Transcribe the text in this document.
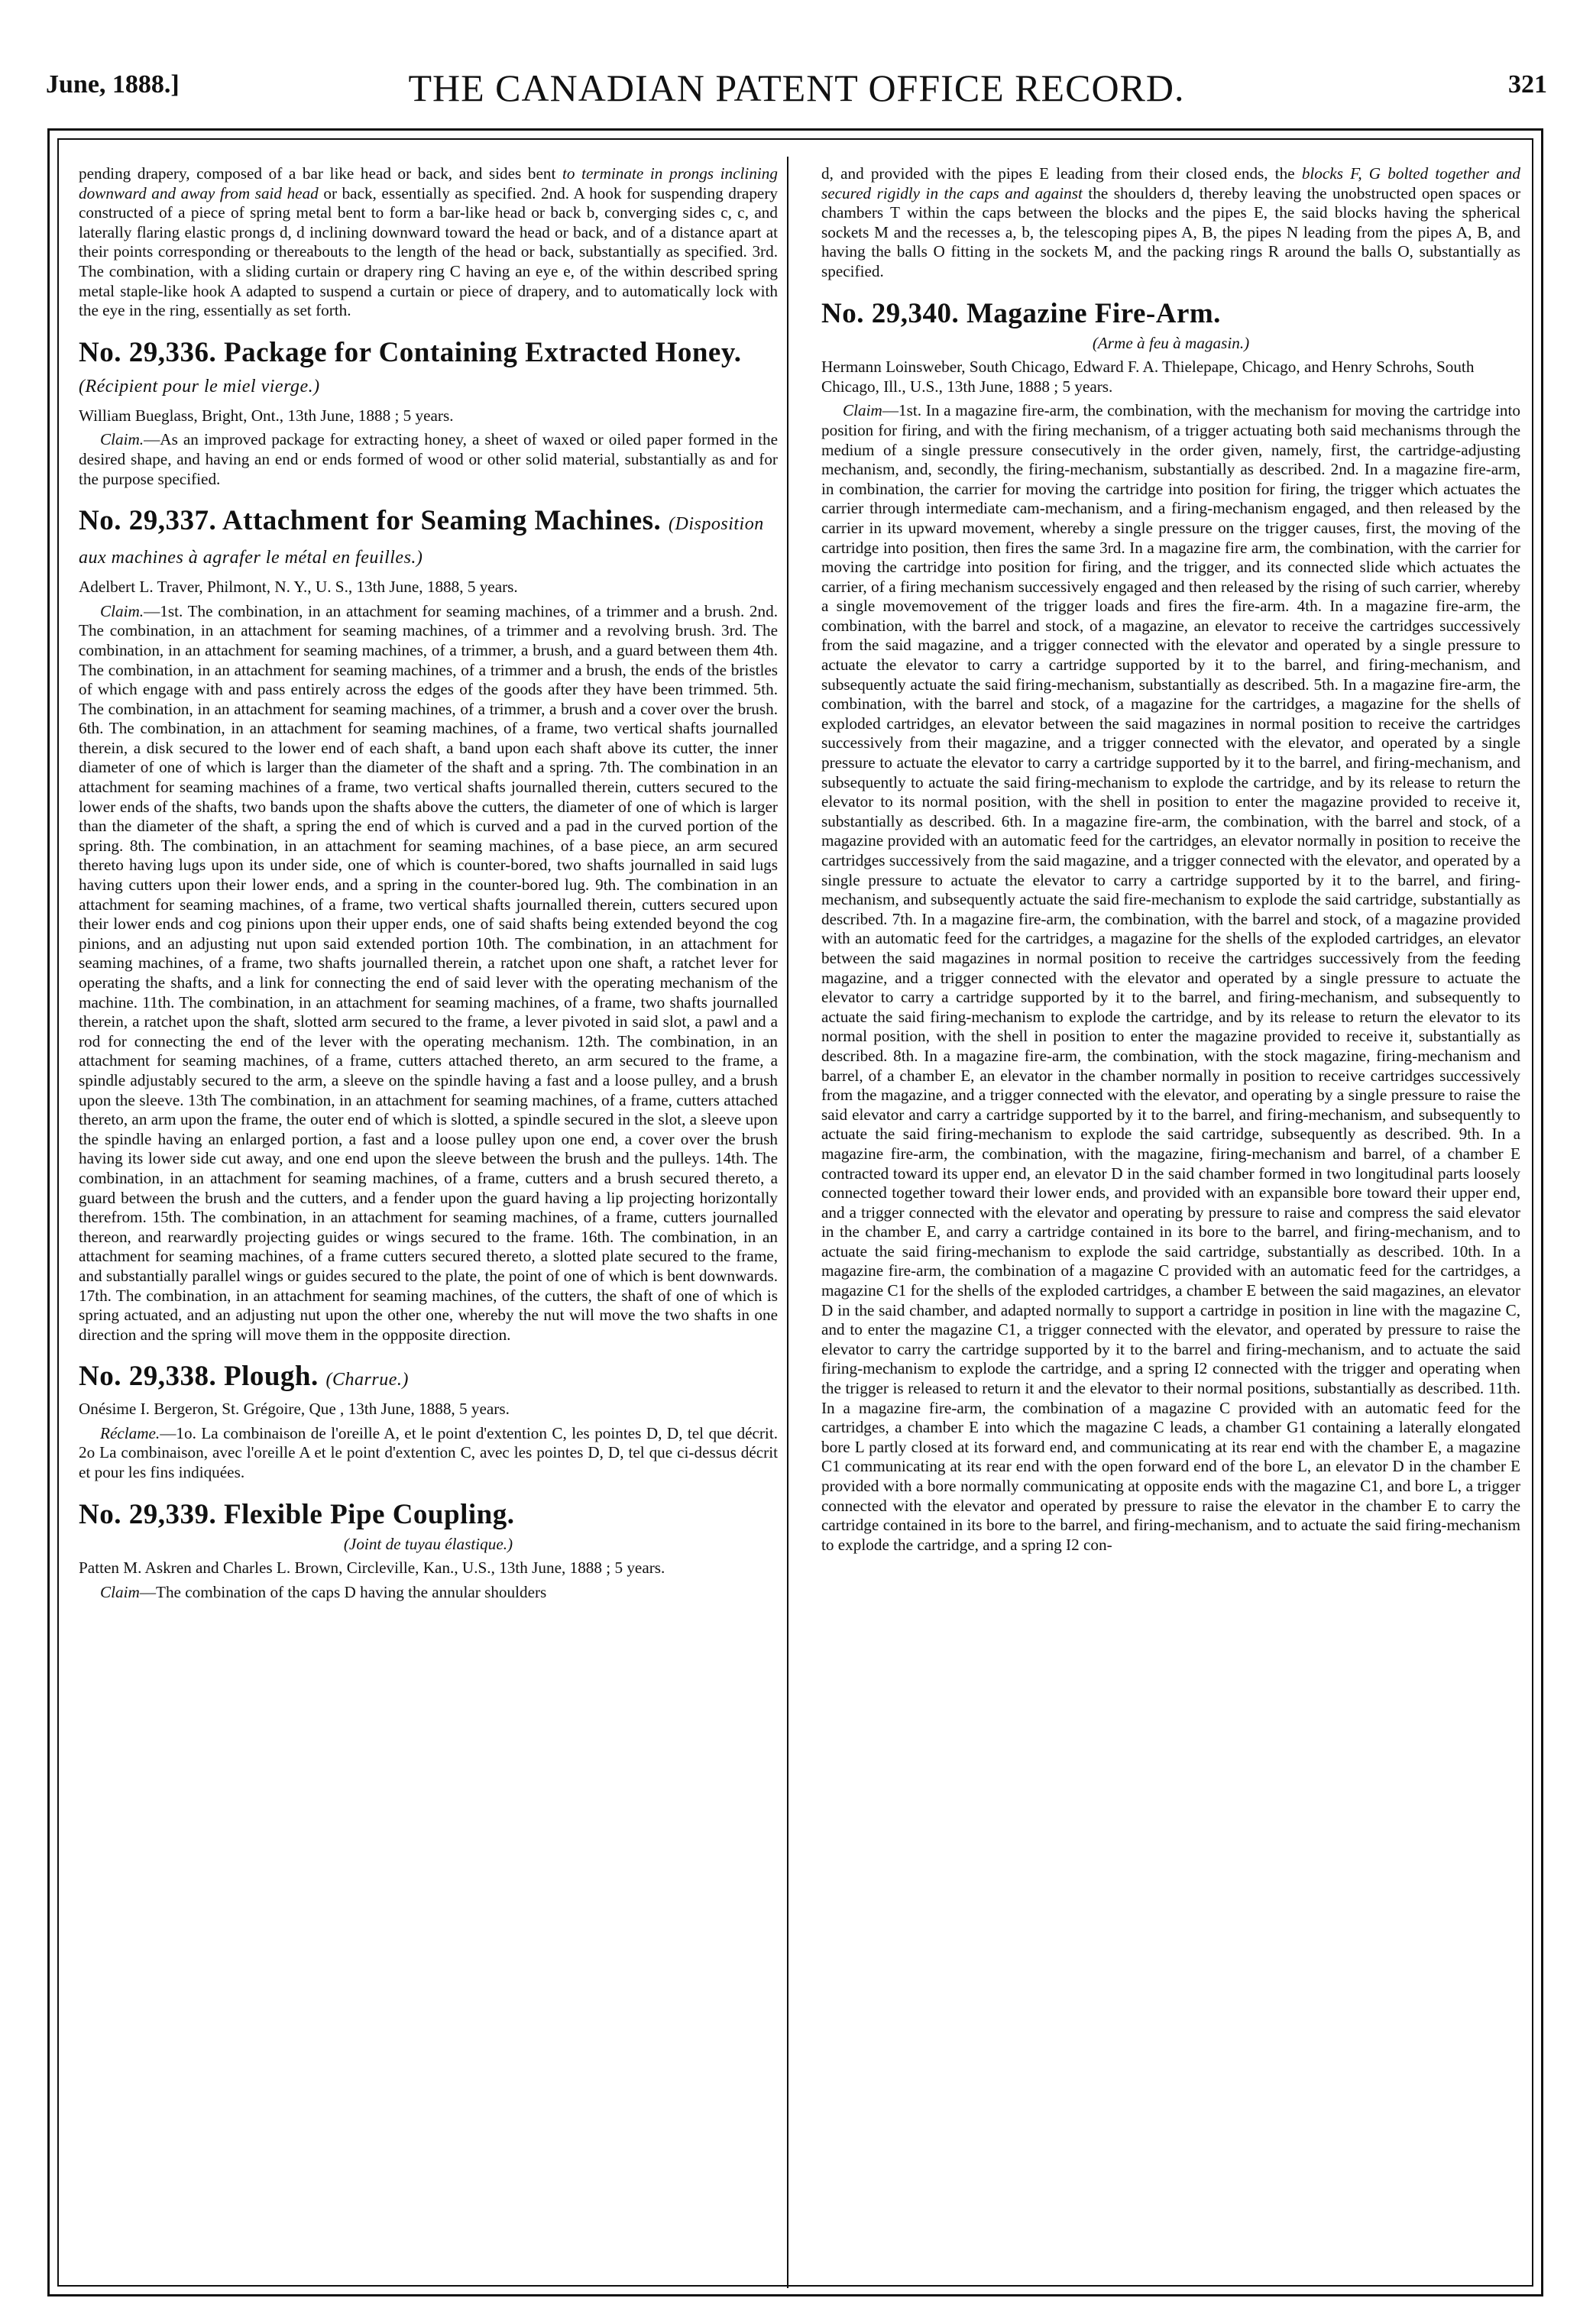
June, 1888.]	THE CANADIAN PATENT OFFICE RECORD.	321

pending drapery, composed of a bar like head or back, and sides bent to terminate in prongs inclining downward and away from said head or back, essentially as specified. 2nd. A hook for suspending drapery constructed of a piece of spring metal bent to form a bar-like head or back b, converging sides c, c, and laterally flaring elastic prongs d, d inclining downward toward the head or back, and of a distance apart at their points corresponding or thereabouts to the length of the head or back, substantially as specified. 3rd. The combination, with a sliding curtain or drapery ring C having an eye e, of the within described spring metal staple-like hook A adapted to suspend a curtain or piece of drapery, and to automatically lock with the eye in the ring, essentially as set forth.

No. 29,336. Package for Containing Extracted Honey. (Récipient pour le miel vierge.)

William Bueglass, Bright, Ont., 13th June, 1888 ; 5 years.

Claim.—As an improved package for extracting honey, a sheet of waxed or oiled paper formed in the desired shape, and having an end or ends formed of wood or other solid material, substantially as and for the purpose specified.

No. 29,337. Attachment for Seaming Machines. (Disposition aux machines à agrafer le métal en feuilles.)

Adelbert L. Traver, Philmont, N. Y., U. S., 13th June, 1888, 5 years.

Claim.—1st. The combination, in an attachment for seaming machines, of a trimmer and a brush. 2nd. The combination, in an attachment for seaming machines, of a trimmer and a revolving brush. 3rd. The combination, in an attachment for seaming machines, of a trimmer, a brush, and a guard between them 4th. The combination, in an attachment for seaming machines, of a trimmer and a brush, the ends of the bristles of which engage with and pass entirely across the edges of the goods after they have been trimmed. 5th. The combination, in an attachment for seaming machines, of a trimmer, a brush and a cover over the brush. 6th. The combination, in an attachment for seaming machines, of a frame, two vertical shafts journalled therein, a disk secured to the lower end of each shaft, a band upon each shaft above its cutter, the inner diameter of one of which is larger than the diameter of the shaft and a spring. 7th. The combination in an attachment for seaming machines of a frame, two vertical shafts journalled therein, cutters secured to the lower ends of the shafts, two bands upon the shafts above the cutters, the diameter of one of which is larger than the diameter of the shaft, a spring the end of which is curved and a pad in the curved portion of the spring. 8th. The combination, in an attachment for seaming machines, of a base piece, an arm secured thereto having lugs upon its under side, one of which is counter-bored, two shafts journalled in said lugs having cutters upon their lower ends, and a spring in the counter-bored lug. 9th. The combination in an attachment for seaming machines, of a frame, two vertical shafts journalled therein, cutters secured upon their lower ends and cog pinions upon their upper ends, one of said shafts being extended beyond the cog pinions, and an adjusting nut upon said extended portion 10th. The combination, in an attachment for seaming machines, of a frame, two shafts journalled therein, a ratchet upon one shaft, a ratchet lever for operating the shafts, and a link for connecting the end of said lever with the operating mechanism of the machine. 11th. The combination, in an attachment for seaming machines, of a frame, two shafts journalled therein, a ratchet upon the shaft, slotted arm secured to the frame, a lever pivoted in said slot, a pawl and a rod for connecting the end of the lever with the operating mechanism. 12th. The combination, in an attachment for seaming machines, of a frame, cutters attached thereto, an arm secured to the frame, a spindle adjustably secured to the arm, a sleeve on the spindle having a fast and a loose pulley, and a brush upon the sleeve. 13th The combination, in an attachment for seaming machines, of a frame, cutters attached thereto, an arm upon the frame, the outer end of which is slotted, a spindle secured in the slot, a sleeve upon the spindle having an enlarged portion, a fast and a loose pulley upon one end, a cover over the brush having its lower side cut away, and one end upon the sleeve between the brush and the pulleys. 14th. The combination, in an attachment for seaming machines, of a frame, cutters and a brush secured thereto, a guard between the brush and the cutters, and a fender upon the guard having a lip projecting horizontally therefrom. 15th. The combination, in an attachment for seaming machines, of a frame, cutters journalled thereon, and rearwardly projecting guides or wings secured to the frame. 16th. The combination, in an attachment for seaming machines, of a frame cutters secured thereto, a slotted plate secured to the frame, and substantially parallel wings or guides secured to the plate, the point of one of which is bent downwards. 17th. The combination, in an attachment for seaming machines, of the cutters, the shaft of one of which is spring actuated, and an adjusting nut upon the other one, whereby the nut will move the two shafts in one direction and the spring will move them in the oppposite direction.

No. 29,338. Plough. (Charrue.)

Onésime I. Bergeron, St. Grégoire, Que , 13th June, 1888, 5 years.

Réclame.—1o. La combinaison de l'oreille A, et le point d'extention C, les pointes D, D, tel que décrit. 2o La combinaison, avec l'oreille A et le point d'extention C, avec les pointes D, D, tel que ci-dessus décrit et pour les fins indiquées.

No. 29,339. Flexible Pipe Coupling.

(Joint de tuyau élastique.)

Patten M. Askren and Charles L. Brown, Circleville, Kan., U.S., 13th June, 1888 ; 5 years.

Claim—The combination of the caps D having the annular shoulders

d, and provided with the pipes E leading from their closed ends, the blocks F, G bolted together and secured rigidly in the caps and against the shoulders d, thereby leaving the unobstructed open spaces or chambers T within the caps between the blocks and the pipes E, the said blocks having the spherical sockets M and the recesses a, b, the telescoping pipes A, B, the pipes N leading from the pipes A, B, and having the balls O fitting in the sockets M, and the packing rings R around the balls O, substantially as specified.

No. 29,340. Magazine Fire-Arm.

(Arme à feu à magasin.)

Hermann Loinsweber, South Chicago, Edward F. A. Thielepape, Chicago, and Henry Schrohs, South Chicago, Ill., U.S., 13th June, 1888 ; 5 years.

Claim—1st. In a magazine fire-arm, the combination, with the mechanism for moving the cartridge into position for firing, and with the firing mechanism, of a trigger actuating both said mechanisms through the medium of a single pressure consecutively in the order given, namely, first, the cartridge-adjusting mechanism, and, secondly, the firing-mechanism, substantially as described. 2nd. In a magazine fire-arm, in combination, the carrier for moving the cartridge into position for firing, the trigger which actuates the carrier through intermediate cam-mechanism, and a firing-mechanism engaged, and then released by the carrier in its upward movement, whereby a single pressure on the trigger causes, first, the moving of the cartridge into position, then fires the same 3rd. In a magazine fire arm, the combination, with the carrier for moving the cartridge into position for firing, and the trigger, and its connected slide which actuates the carrier, of a firing mechanism successively engaged and then released by the rising of such carrier, whereby a single movemovement of the trigger loads and fires the fire-arm. 4th. In a magazine fire-arm, the combination, with the barrel and stock, of a magazine, an elevator to receive the cartridges successively from the said magazine, and a trigger connected with the elevator and operated by a single pressure to actuate the elevator to carry a cartridge supported by it to the barrel, and firing-mechanism, and subsequently actuate the said firing-mechanism, substantially as described. 5th. In a magazine fire-arm, the combination, with the barrel and stock, of a magazine for the cartridges, a magazine for the shells of exploded cartridges, an elevator between the said magazines in normal position to receive the cartridges successively from their magazine, and a trigger connected with the elevator, and operated by a single pressure to actuate the elevator to carry a cartridge supported by it to the barrel, and firing-mechanism, and subsequently to actuate the said firing-mechanism to explode the cartridge, and by its release to return the elevator to its normal position, with the shell in position to enter the magazine provided to receive it, substantially as described. 6th. In a magazine fire-arm, the combination, with the barrel and stock, of a magazine provided with an automatic feed for the cartridges, an elevator normally in position to receive the cartridges successively from the said magazine, and a trigger connected with the elevator, and operated by a single pressure to actuate the elevator to carry a cartridge supported by it to the barrel, and firing-mechanism, and subsequently actuate the said fire-mechanism to explode the said cartridge, substantially as described. 7th. In a magazine fire-arm, the combination, with the barrel and stock, of a magazine provided with an automatic feed for the cartridges, a magazine for the shells of the exploded cartridges, an elevator between the said magazines in normal position to receive the cartridges successively from the feeding magazine, and a trigger connected with the elevator and operated by a single pressure to actuate the elevator to carry a cartridge supported by it to the barrel, and firing-mechanism, and subsequently to actuate the said firing-mechanism to explode the cartridge, and by its release to return the elevator to its normal position, with the shell in position to enter the magazine provided to receive it, substantially as described. 8th. In a magazine fire-arm, the combination, with the stock magazine, firing-mechanism and barrel, of a chamber E, an elevator in the chamber normally in position to receive cartridges successively from the magazine, and a trigger connected with the elevator, and operating by a single pressure to raise the said elevator and carry a cartridge supported by it to the barrel, and firing-mechanism, and subsequently to actuate the said firing-mechanism to explode the said cartridge, subsequently as described. 9th. In a magazine fire-arm, the combination, with the magazine, firing-mechanism and barrel, of a chamber E contracted toward its upper end, an elevator D in the said chamber formed in two longitudinal parts loosely connected together toward their lower ends, and provided with an expansible bore toward their upper end, and a trigger connected with the elevator and operating by pressure to raise and compress the said elevator in the chamber E, and carry a cartridge contained in its bore to the barrel, and firing-mechanism, and to actuate the said firing-mechanism to explode the said cartridge, substantially as described. 10th. In a magazine fire-arm, the combination of a magazine C provided with an automatic feed for the cartridges, a magazine C1 for the shells of the exploded cartridges, a chamber E between the said magazines, an elevator D in the said chamber, and adapted normally to support a cartridge in position in line with the magazine C, and to enter the magazine C1, a trigger connected with the elevator, and operated by pressure to raise the elevator to carry the cartridge supported by it to the barrel and firing-mechanism, and to actuate the said firing-mechanism to explode the cartridge, and a spring I2 connected with the trigger and operating when the trigger is released to return it and the elevator to their normal positions, substantially as described. 11th. In a magazine fire-arm, the combination of a magazine C provided with an automatic feed for the cartridges, a chamber E into which the magazine C leads, a chamber G1 containing a laterally elongated bore L partly closed at its forward end, and communicating at its rear end with the chamber E, a magazine C1 communicating at its rear end with the open forward end of the bore L, an elevator D in the chamber E provided with a bore normally communicating at opposite ends with the magazine C1, and bore L, a trigger connected with the elevator and operated by pressure to raise the elevator in the chamber E to carry the cartridge contained in its bore to the barrel, and firing-mechanism, and to actuate the said firing-mechanism to explode the cartridge, and a spring I2 con-
